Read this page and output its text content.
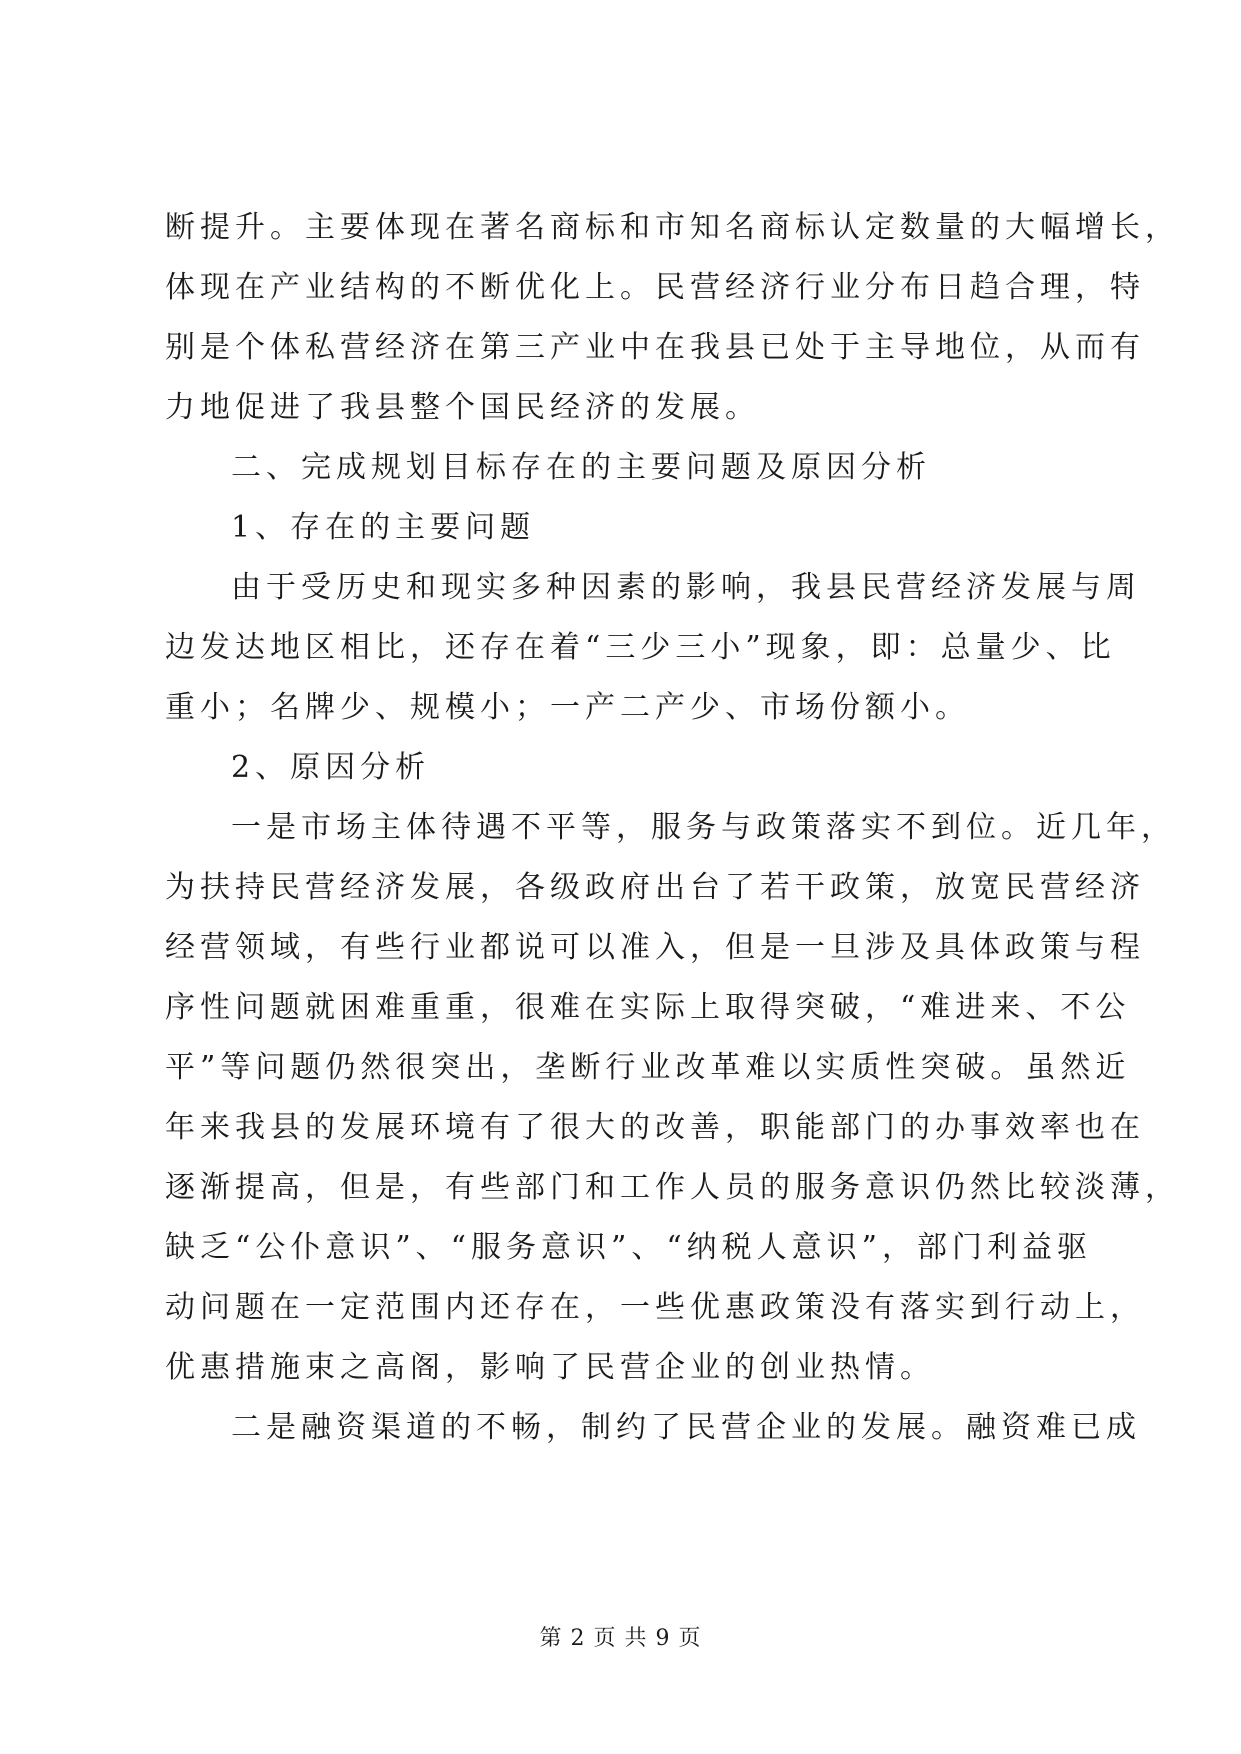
断提升。主要体现在著名商标和市知名商标认定数量的大幅增长，

体现在产业结构的不断优化上。民营经济行业分布日趋合理，特

别是个体私营经济在第三产业中在我县已处于主导地位，从而有

力地促进了我县整个国民经济的发展。

二、完成规划目标存在的主要问题及原因分析

1、存在的主要问题

由于受历史和现实多种因素的影响，我县民营经济发展与周

边发达地区相比，还存在着“三少三小”现象，即：总量少、比

重小；名牌少、规模小；一产二产少、市场份额小。

2、原因分析

一是市场主体待遇不平等，服务与政策落实不到位。近几年，

为扶持民营经济发展，各级政府出台了若干政策，放宽民营经济

经营领域，有些行业都说可以准入，但是一旦涉及具体政策与程

序性问题就困难重重，很难在实际上取得突破，“难进来、不公

平”等问题仍然很突出，垄断行业改革难以实质性突破。虽然近

年来我县的发展环境有了很大的改善，职能部门的办事效率也在

逐渐提高，但是，有些部门和工作人员的服务意识仍然比较淡薄，

缺乏“公仆意识”、“服务意识”、“纳税人意识”，部门利益驱

动问题在一定范围内还存在，一些优惠政策没有落实到行动上，

优惠措施束之高阁，影响了民营企业的创业热情。

二是融资渠道的不畅，制约了民营企业的发展。融资难已成

第 2 页 共 9 页
